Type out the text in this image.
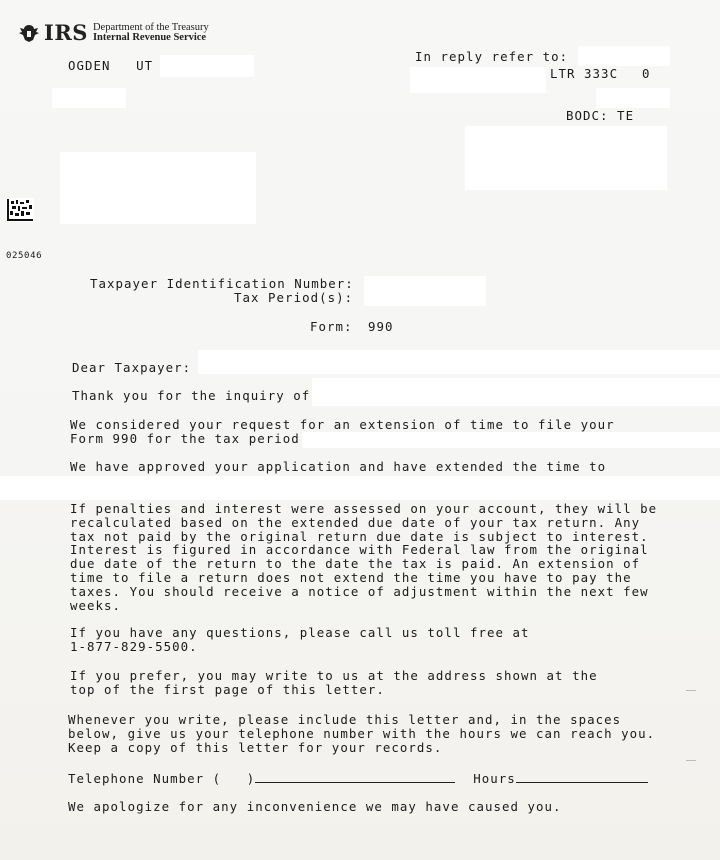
IRS Department of the Treasury
Internal Revenue Service
OGDEN   UT
In reply refer to:
LTR 333C 0
BODC: TE
025046
Taxpayer Identification Number:
Tax Period(s):
Form: 990
Dear Taxpayer:
Thank you for the inquiry of
We considered your request for an extension of time to file your
Form 990 for the tax period
We have approved your application and have extended the time to
If penalties and interest were assessed on your account, they will be
recalculated based on the extended due date of your tax return. Any
tax not paid by the original return due date is subject to interest.
Interest is figured in accordance with Federal law from the original
due date of the return to the date the tax is paid. An extension of
time to file a return does not extend the time you have to pay the
taxes. You should receive a notice of adjustment within the next few
weeks.
If you have any questions, please call us toll free at
1-877-829-5500.
If you prefer, you may write to us at the address shown at the
top of the first page of this letter.
Whenever you write, please include this letter and, in the spaces
below, give us your telephone number with the hours we can reach you.
Keep a copy of this letter for your records.
Telephone Number (   )	Hours
We apologize for any inconvenience we may have caused you.
